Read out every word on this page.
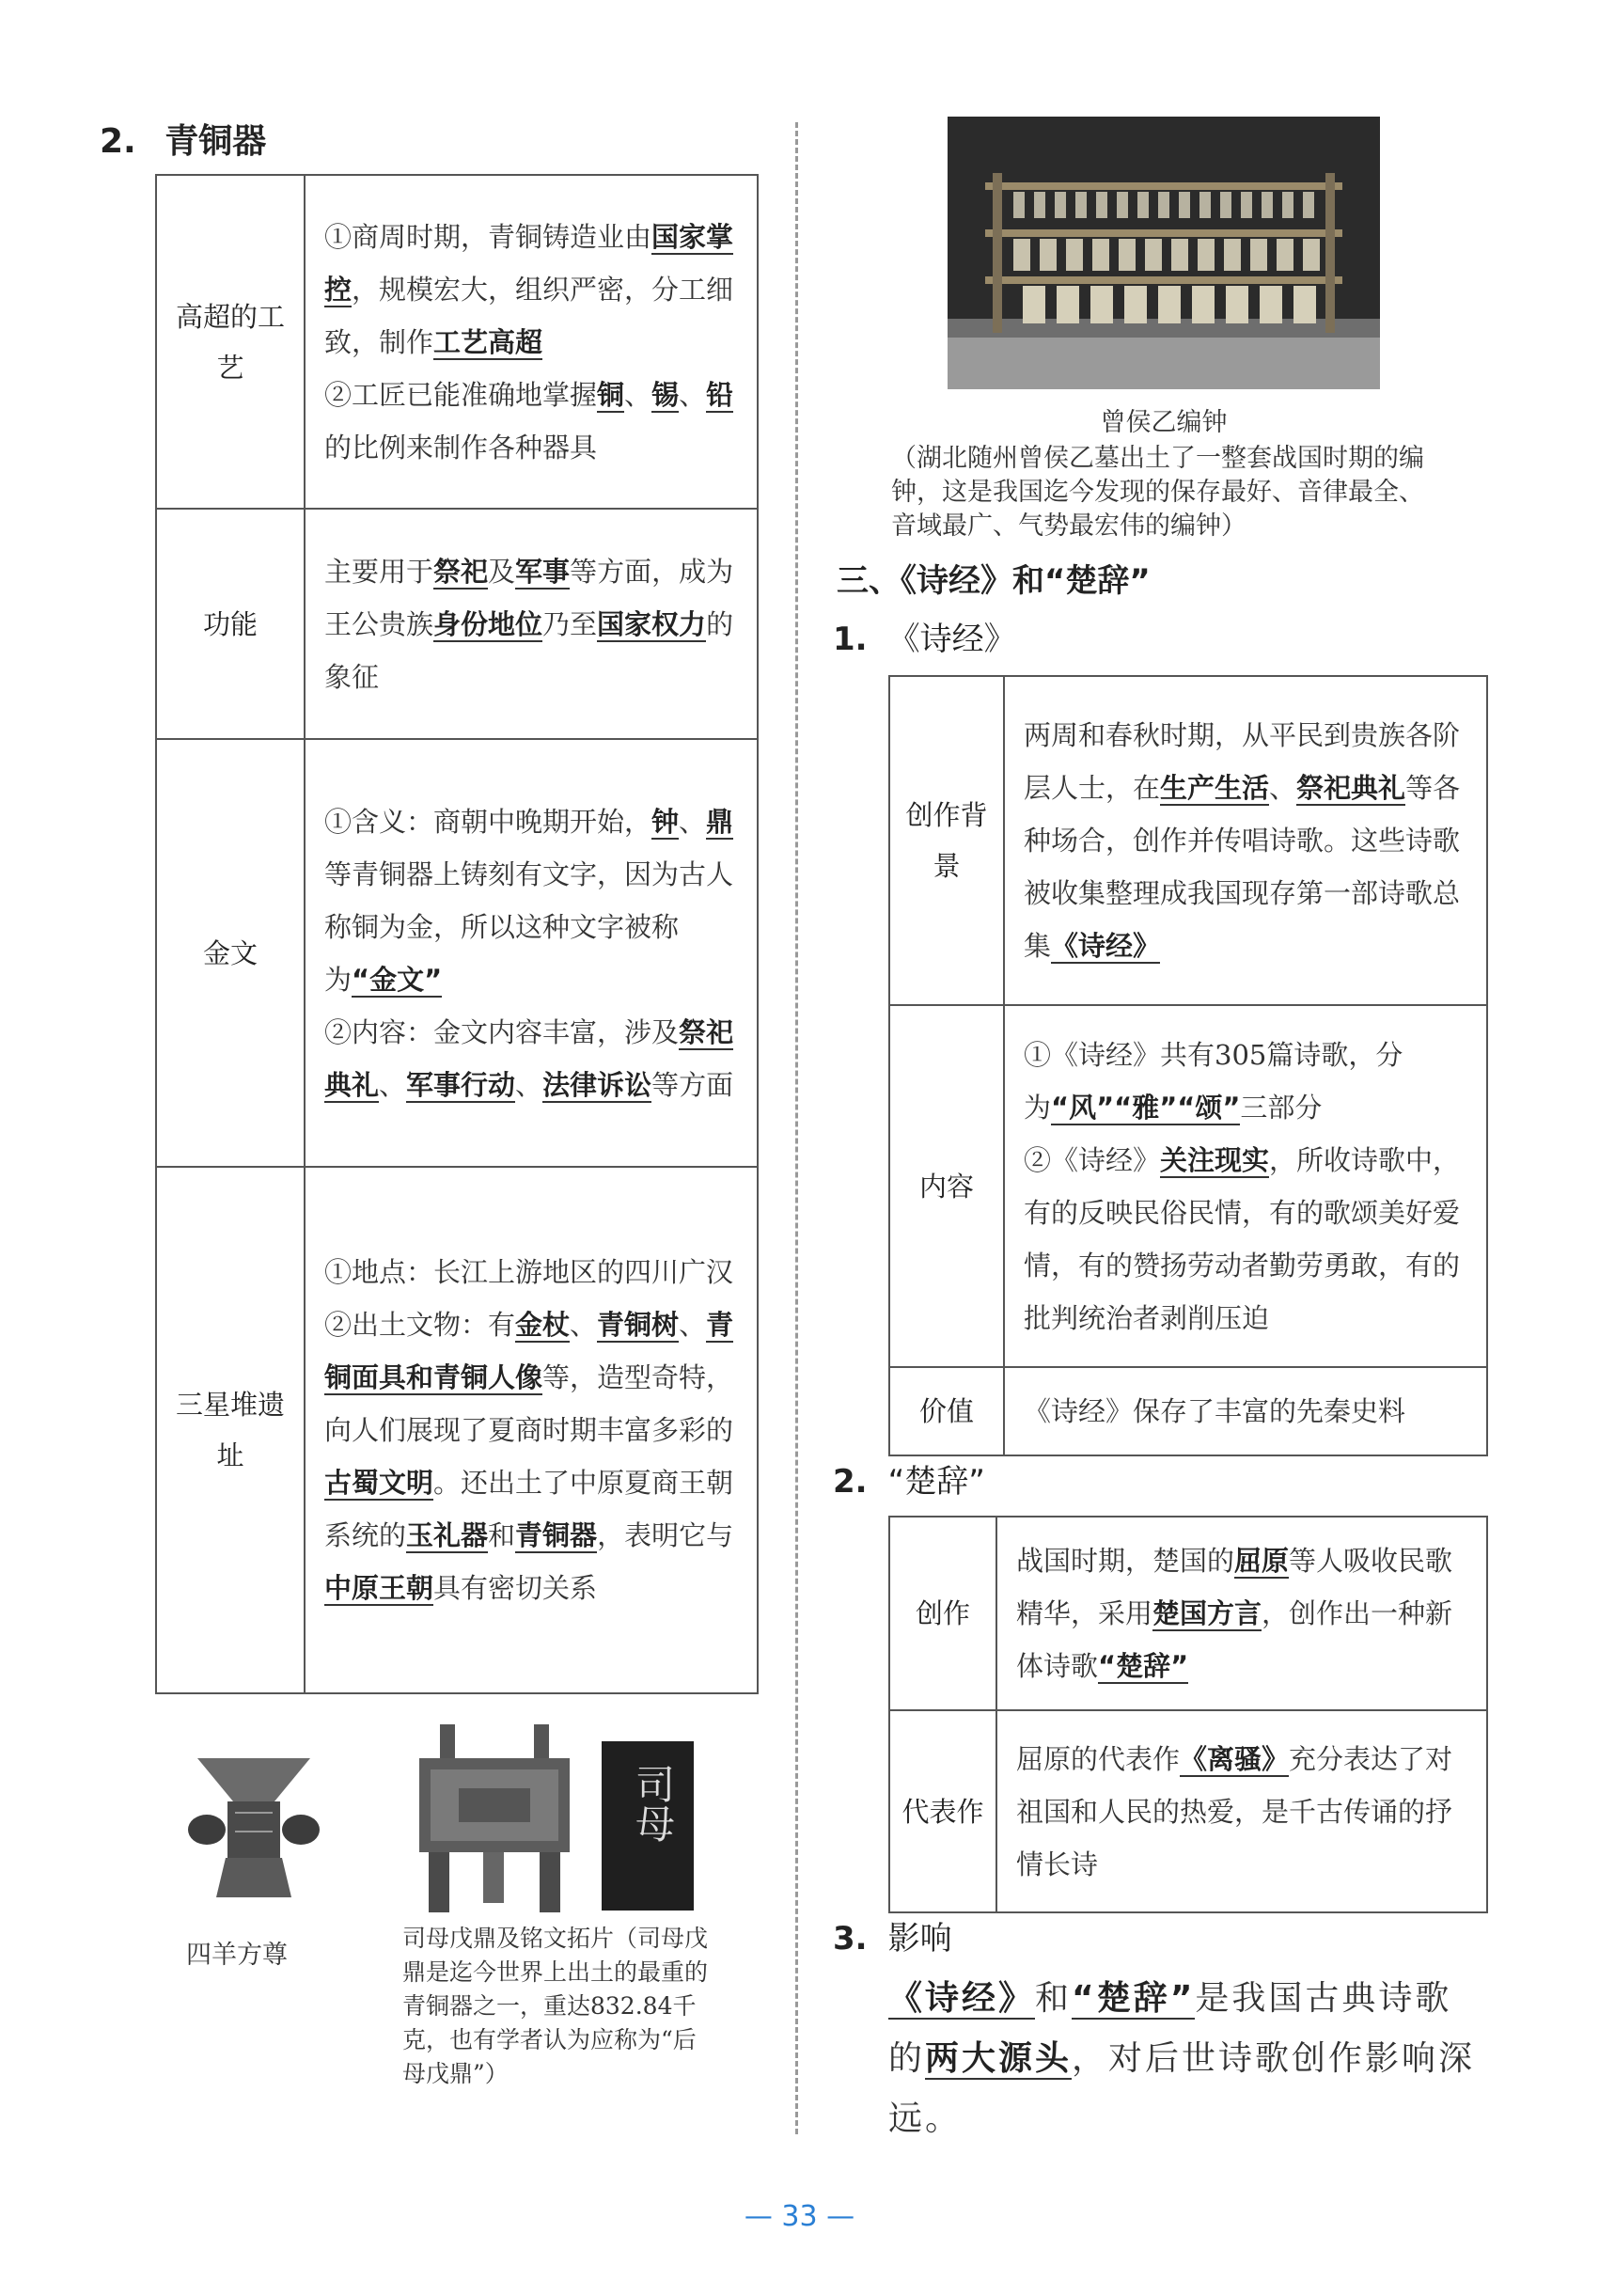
2. 青铜器
高超的工艺	①商周时期，青铜铸造业由国家掌控，规模宏大，组织严密，分工细致，制作工艺高超
②工匠已能准确地掌握铜、锡、铅的比例来制作各种器具

功能	主要用于祭祀及军事等方面，成为王公贵族身份地位乃至国家权力的象征

金文	①含义：商朝中晚期开始，钟、鼎等青铜器上铸刻有文字，因为古人称铜为金，所以这种文字被称为“金文”
②内容：金文内容丰富，涉及祭祀典礼、军事行动、法律诉讼等方面

三星堆遗址	①地点：长江上游地区的四川广汉
②出土文物：有金杖、青铜树、青铜面具和青铜人像等，造型奇特，向人们展现了夏商时期丰富多彩的古蜀文明。还出土了中原夏商王朝系统的玉礼器和青铜器，表明它与中原王朝具有密切关系
四羊方尊
司母
司母戊鼎及铭文拓片（司母戊鼎是迄今世界上出土的最重的青铜器之一，重达832.84千克，也有学者认为应称为“后母戊鼎”）
曾侯乙编钟
（湖北随州曾侯乙墓出土了一整套战国时期的编钟，这是我国迄今发现的保存最好、音律最全、音域最广、气势最宏伟的编钟）
三、《诗经》和“楚辞”
1. 《诗经》
创作背景	两周和春秋时期，从平民到贵族各阶层人士，在生产生活、祭祀典礼等各种场合，创作并传唱诗歌。这些诗歌被收集整理成我国现存第一部诗歌总集《诗经》

内容	①《诗经》共有305篇诗歌，分为“风”“雅”“颂”三部分
②《诗经》关注现实，所收诗歌中，有的反映民俗民情，有的歌颂美好爱情，有的赞扬劳动者勤劳勇敢，有的批判统治者剥削压迫

价值	《诗经》保存了丰富的先秦史料
2. “楚辞”
创作	战国时期，楚国的屈原等人吸收民歌精华，采用楚国方言，创作出一种新体诗歌“楚辞”

代表作	屈原的代表作《离骚》充分表达了对祖国和人民的热爱，是千古传诵的抒情长诗
3. 影响
《诗经》和“楚辞”是我国古典诗歌的两大源头，对后世诗歌创作影响深远。
— 33 —
